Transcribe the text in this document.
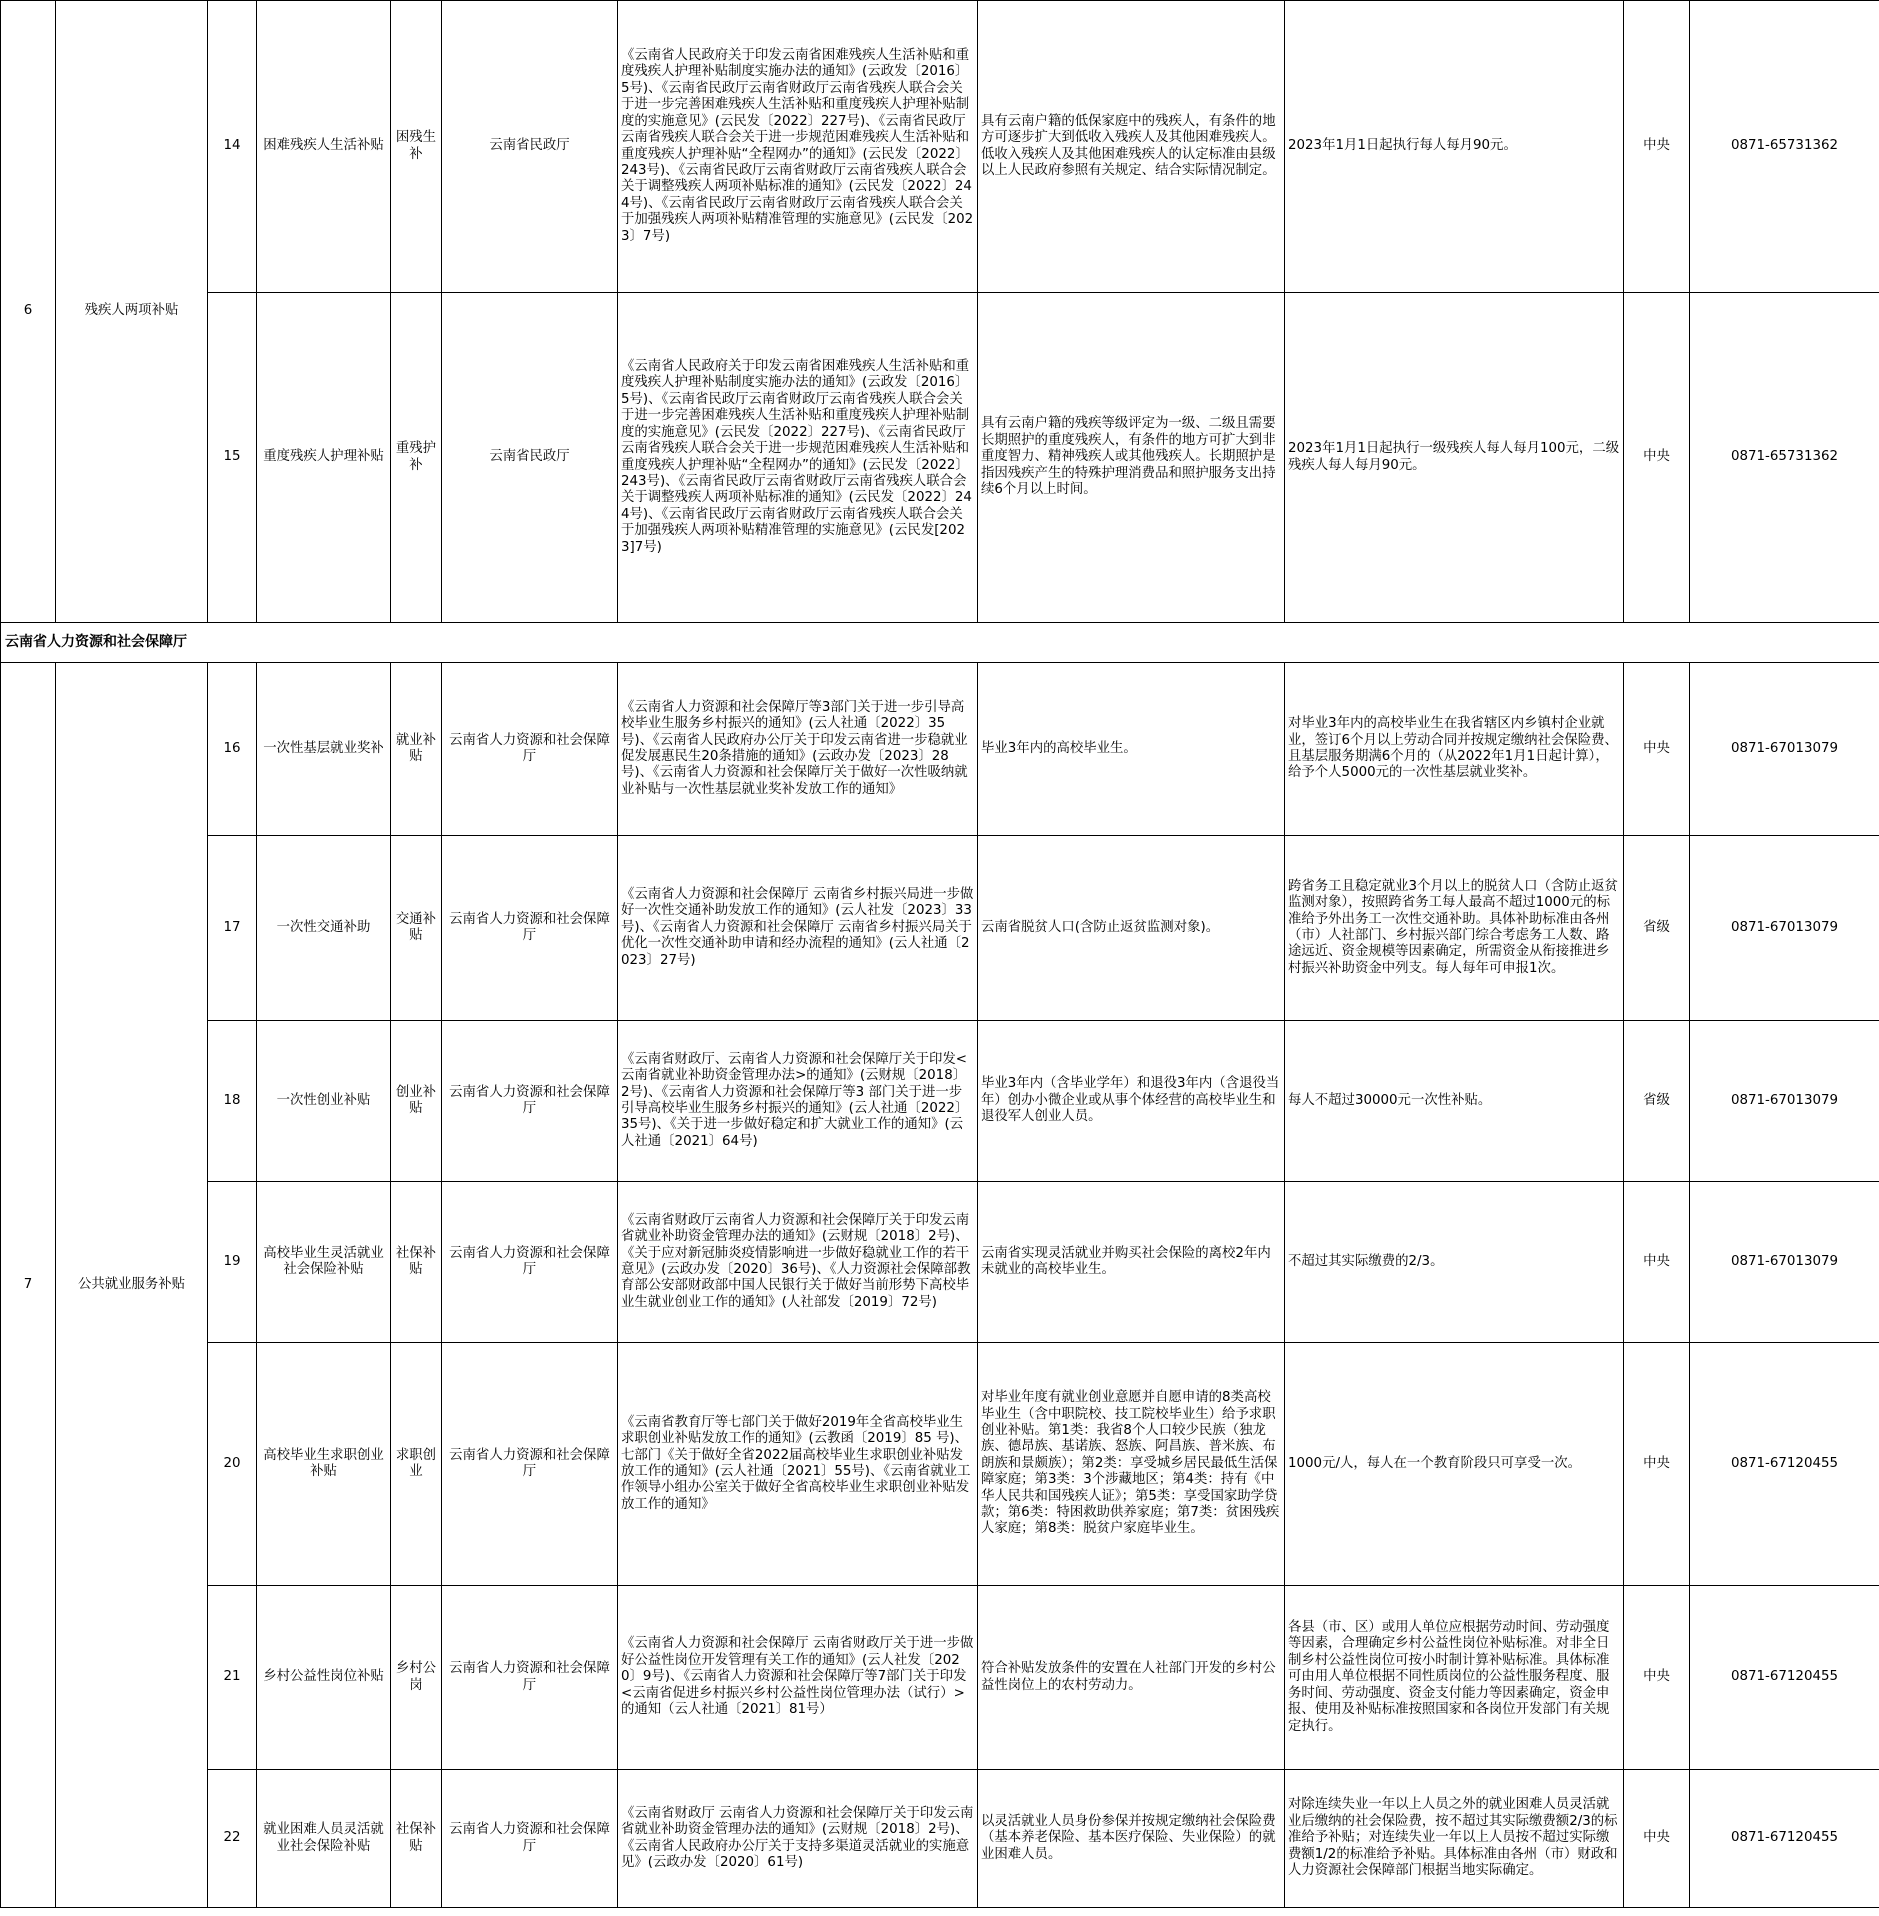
6	残疾人两项补贴	14	困难残疾人生活补贴	困残生补	云南省民政厅	《云南省人民政府关于印发云南省困难残疾人生活补贴和重度残疾人护理补贴制度实施办法的通知》(云政发〔2016〕5号)、《云南省民政厅云南省财政厅云南省残疾人联合会关于进一步完善困难残疾人生活补贴和重度残疾人护理补贴制度的实施意见》(云民发〔2022〕227号)、《云南省民政厅云南省残疾人联合会关于进一步规范困难残疾人生活补贴和重度残疾人护理补贴“全程网办”的通知》(云民发〔2022〕243号)、《云南省民政厅云南省财政厅云南省残疾人联合会关于调整残疾人两项补贴标准的通知》(云民发〔2022〕244号)、《云南省民政厅云南省财政厅云南省残疾人联合会关于加强残疾人两项补贴精准管理的实施意见》(云民发〔2023〕7号)	具有云南户籍的低保家庭中的残疾人，有条件的地方可逐步扩大到低收入残疾人及其他困难残疾人。低收入残疾人及其他困难残疾人的认定标准由县级以上人民政府参照有关规定、结合实际情况制定。	2023年1月1日起执行每人每月90元。	中央	0871-65731362
		15	重度残疾人护理补贴	重残护补	云南省民政厅	《云南省人民政府关于印发云南省困难残疾人生活补贴和重度残疾人护理补贴制度实施办法的通知》(云政发〔2016〕5号)、《云南省民政厅云南省财政厅云南省残疾人联合会关于进一步完善困难残疾人生活补贴和重度残疾人护理补贴制度的实施意见》(云民发〔2022〕227号)、《云南省民政厅云南省残疾人联合会关于进一步规范困难残疾人生活补贴和重度残疾人护理补贴“全程网办”的通知》(云民发〔2022〕243号)、《云南省民政厅云南省财政厅云南省残疾人联合会关于调整残疾人两项补贴标准的通知》(云民发〔2022〕244号)、《云南省民政厅云南省财政厅云南省残疾人联合会关于加强残疾人两项补贴精准管理的实施意见》(云民发[2023]7号)	具有云南户籍的残疾等级评定为一级、二级且需要长期照护的重度残疾人，有条件的地方可扩大到非重度智力、精神残疾人或其他残疾人。长期照护是指因残疾产生的特殊护理消费品和照护服务支出持续6个月以上时间。	2023年1月1日起执行一级残疾人每人每月100元，二级残疾人每人每月90元。	中央	0871-65731362
云南省人力资源和社会保障厅										
7	公共就业服务补贴	16	一次性基层就业奖补	就业补贴	云南省人力资源和社会保障厅	《云南省人力资源和社会保障厅等3部门关于进一步引导高校毕业生服务乡村振兴的通知》(云人社通〔2022〕35号)、《云南省人民政府办公厅关于印发云南省进一步稳就业促发展惠民生20条措施的通知》(云政办发〔2023〕28号)、《云南省人力资源和社会保障厅关于做好一次性吸纳就业补贴与一次性基层就业奖补发放工作的通知》	毕业3年内的高校毕业生。	对毕业3年内的高校毕业生在我省辖区内乡镇村企业就业，签订6个月以上劳动合同并按规定缴纳社会保险费、且基层服务期满6个月的（从2022年1月1日起计算），给予个人5000元的一次性基层就业奖补。	中央	0871-67013079
		17	一次性交通补助	交通补贴	云南省人力资源和社会保障厅	《云南省人力资源和社会保障厅 云南省乡村振兴局进一步做好一次性交通补助发放工作的通知》(云人社发〔2023〕33号)、《云南省人力资源和社会保障厅 云南省乡村振兴局关于优化一次性交通补助申请和经办流程的通知》(云人社通〔2023〕27号)	云南省脱贫人口(含防止返贫监测对象)。	跨省务工且稳定就业3个月以上的脱贫人口（含防止返贫监测对象），按照跨省务工每人最高不超过1000元的标准给予外出务工一次性交通补助。具体补助标准由各州（市）人社部门、乡村振兴部门综合考虑务工人数、路途远近、资金规模等因素确定，所需资金从衔接推进乡村振兴补助资金中列支。每人每年可申报1次。	省级	0871-67013079
		18	一次性创业补贴	创业补贴	云南省人力资源和社会保障厅	《云南省财政厅、云南省人力资源和社会保障厅关于印发<云南省就业补助资金管理办法>的通知》(云财规〔2018〕2号)、《云南省人力资源和社会保障厅等3 部门关于进一步引导高校毕业生服务乡村振兴的通知》(云人社通〔2022〕35号)、《关于进一步做好稳定和扩大就业工作的通知》(云人社通〔2021〕64号)	毕业3年内（含毕业学年）和退役3年内（含退役当年）创办小微企业或从事个体经营的高校毕业生和退役军人创业人员。	每人不超过30000元一次性补贴。	省级	0871-67013079
		19	高校毕业生灵活就业社会保险补贴	社保补贴	云南省人力资源和社会保障厅	《云南省财政厅云南省人力资源和社会保障厅关于印发云南省就业补助资金管理办法的通知》(云财规〔2018〕2号)、《关于应对新冠肺炎疫情影响进一步做好稳就业工作的若干意见》(云政办发〔2020〕36号)、《人力资源社会保障部教育部公安部财政部中国人民银行关于做好当前形势下高校毕业生就业创业工作的通知》(人社部发〔2019〕72号)	云南省实现灵活就业并购买社会保险的离校2年内未就业的高校毕业生。	不超过其实际缴费的2/3。	中央	0871-67013079
		20	高校毕业生求职创业补贴	求职创业	云南省人力资源和社会保障厅	《云南省教育厅等七部门关于做好2019年全省高校毕业生求职创业补贴发放工作的通知》(云教函〔2019〕85 号)、七部门《关于做好全省2022届高校毕业生求职创业补贴发放工作的通知》(云人社通〔2021〕55号)、《云南省就业工作领导小组办公室关于做好全省高校毕业生求职创业补贴发放工作的通知》	对毕业年度有就业创业意愿并自愿申请的8类高校毕业生（含中职院校、技工院校毕业生）给予求职创业补贴。第1类：我省8个人口较少民族（独龙族、德昂族、基诺族、怒族、阿昌族、普米族、布朗族和景颇族）；第2类：享受城乡居民最低生活保障家庭；第3类：3个涉藏地区；第4类：持有《中华人民共和国残疾人证》；第5类：享受国家助学贷款；第6类：特困救助供养家庭；第7类：贫困残疾人家庭；第8类：脱贫户家庭毕业生。	1000元/人，每人在一个教育阶段只可享受一次。	中央	0871-67120455
		21	乡村公益性岗位补贴	乡村公岗	云南省人力资源和社会保障厅	《云南省人力资源和社会保障厅 云南省财政厅关于进一步做好公益性岗位开发管理有关工作的通知》(云人社发〔2020〕9号)、《云南省人力资源和社会保障厅等7部门关于印发<云南省促进乡村振兴乡村公益性岗位管理办法（试行）>的通知（云人社通〔2021〕81号）	符合补贴发放条件的安置在人社部门开发的乡村公益性岗位上的农村劳动力。	各县（市、区）或用人单位应根据劳动时间、劳动强度等因素，合理确定乡村公益性岗位补贴标准。对非全日制乡村公益性岗位可按小时制计算补贴标准。具体标准可由用人单位根据不同性质岗位的公益性服务程度、服务时间、劳动强度、资金支付能力等因素确定，资金申报、使用及补贴标准按照国家和各岗位开发部门有关规定执行。	中央	0871-67120455
		22	就业困难人员灵活就业社会保险补贴	社保补贴	云南省人力资源和社会保障厅	《云南省财政厅 云南省人力资源和社会保障厅关于印发云南省就业补助资金管理办法的通知》(云财规〔2018〕2号)、《云南省人民政府办公厅关于支持多渠道灵活就业的实施意见》(云政办发〔2020〕61号)	以灵活就业人员身份参保并按规定缴纳社会保险费（基本养老保险、基本医疗保险、失业保险）的就业困难人员。	对除连续失业一年以上人员之外的就业困难人员灵活就业后缴纳的社会保险费，按不超过其实际缴费额2/3的标准给予补贴；对连续失业一年以上人员按不超过实际缴费额1/2的标准给予补贴。具体标准由各州（市）财政和人力资源社会保障部门根据当地实际确定。	中央	0871-67120455
